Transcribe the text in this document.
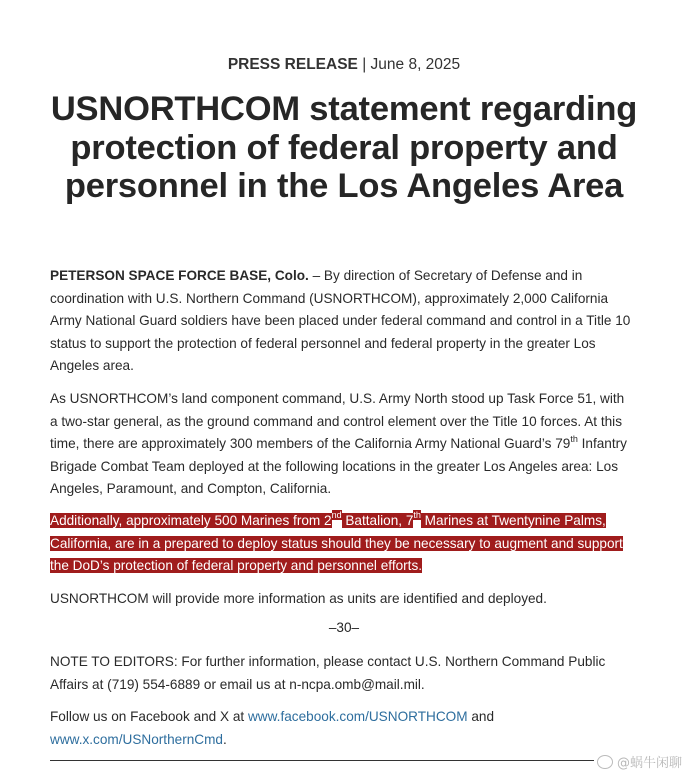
PRESS RELEASE | June 8, 2025
USNORTHCOM statement regarding protection of federal property and personnel in the Los Angeles Area
PETERSON SPACE FORCE BASE, Colo. – By direction of Secretary of Defense and in coordination with U.S. Northern Command (USNORTHCOM), approximately 2,000 California Army National Guard soldiers have been placed under federal command and control in a Title 10 status to support the protection of federal personnel and federal property in the greater Los Angeles area.
As USNORTHCOM’s land component command, U.S. Army North stood up Task Force 51, with a two-star general, as the ground command and control element over the Title 10 forces. At this time, there are approximately 300 members of the California Army National Guard’s 79th Infantry Brigade Combat Team deployed at the following locations in the greater Los Angeles area: Los Angeles, Paramount, and Compton, California.
Additionally, approximately 500 Marines from 2nd Battalion, 7th Marines at Twentynine Palms, California, are in a prepared to deploy status should they be necessary to augment and support the DoD’s protection of federal property and personnel efforts.
USNORTHCOM will provide more information as units are identified and deployed.
–30–
NOTE TO EDITORS: For further information, please contact U.S. Northern Command Public Affairs at (719) 554-6889 or email us at n-ncpa.omb@mail.mil.
Follow us on Facebook and X at www.facebook.com/USNORTHCOM and www.x.com/USNorthernCmd.
@蜗牛闲聊
